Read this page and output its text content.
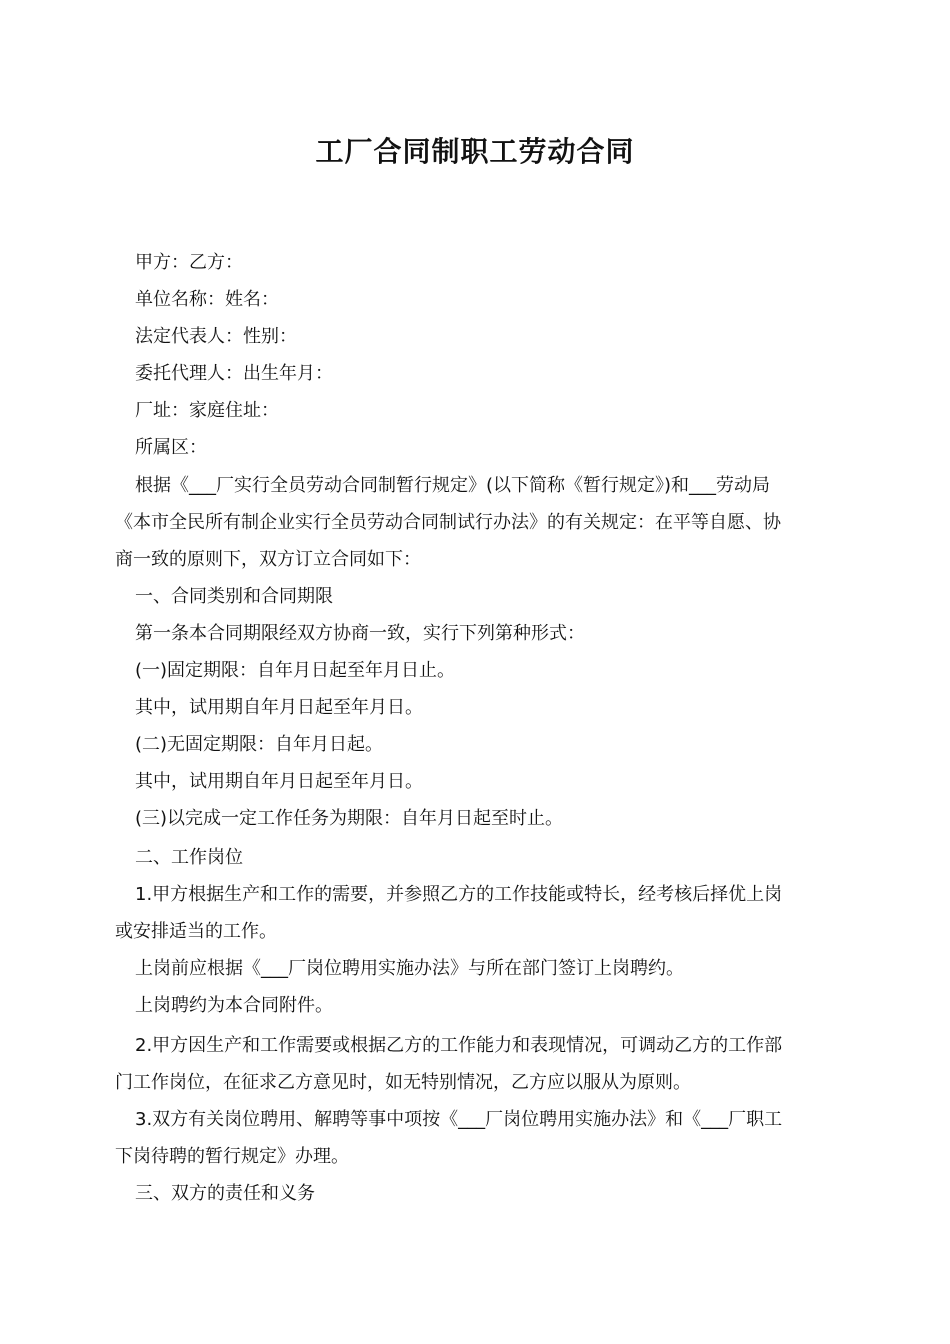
工厂合同制职工劳动合同
甲方：乙方：
单位名称：姓名：
法定代表人：性别：
委托代理人：出生年月：
厂址：家庭住址：
所属区：
根据《___厂实行全员劳动合同制暂行规定》(以下简称《暂行规定》)和___劳动局
《本市全民所有制企业实行全员劳动合同制试行办法》的有关规定：在平等自愿、协
商一致的原则下，双方订立合同如下：
一、合同类别和合同期限
第一条本合同期限经双方协商一致，实行下列第种形式：
(一)固定期限：自年月日起至年月日止。
其中，试用期自年月日起至年月日。
(二)无固定期限：自年月日起。
其中，试用期自年月日起至年月日。
(三)以完成一定工作任务为期限：自年月日起至时止。
二、工作岗位
1.甲方根据生产和工作的需要，并参照乙方的工作技能或特长，经考核后择优上岗
或安排适当的工作。
上岗前应根据《___厂岗位聘用实施办法》与所在部门签订上岗聘约。
上岗聘约为本合同附件。
2.甲方因生产和工作需要或根据乙方的工作能力和表现情况，可调动乙方的工作部
门工作岗位，在征求乙方意见时，如无特别情况，乙方应以服从为原则。
3.双方有关岗位聘用、解聘等事中项按《___厂岗位聘用实施办法》和《___厂职工
下岗待聘的暂行规定》办理。
三、双方的责任和义务
